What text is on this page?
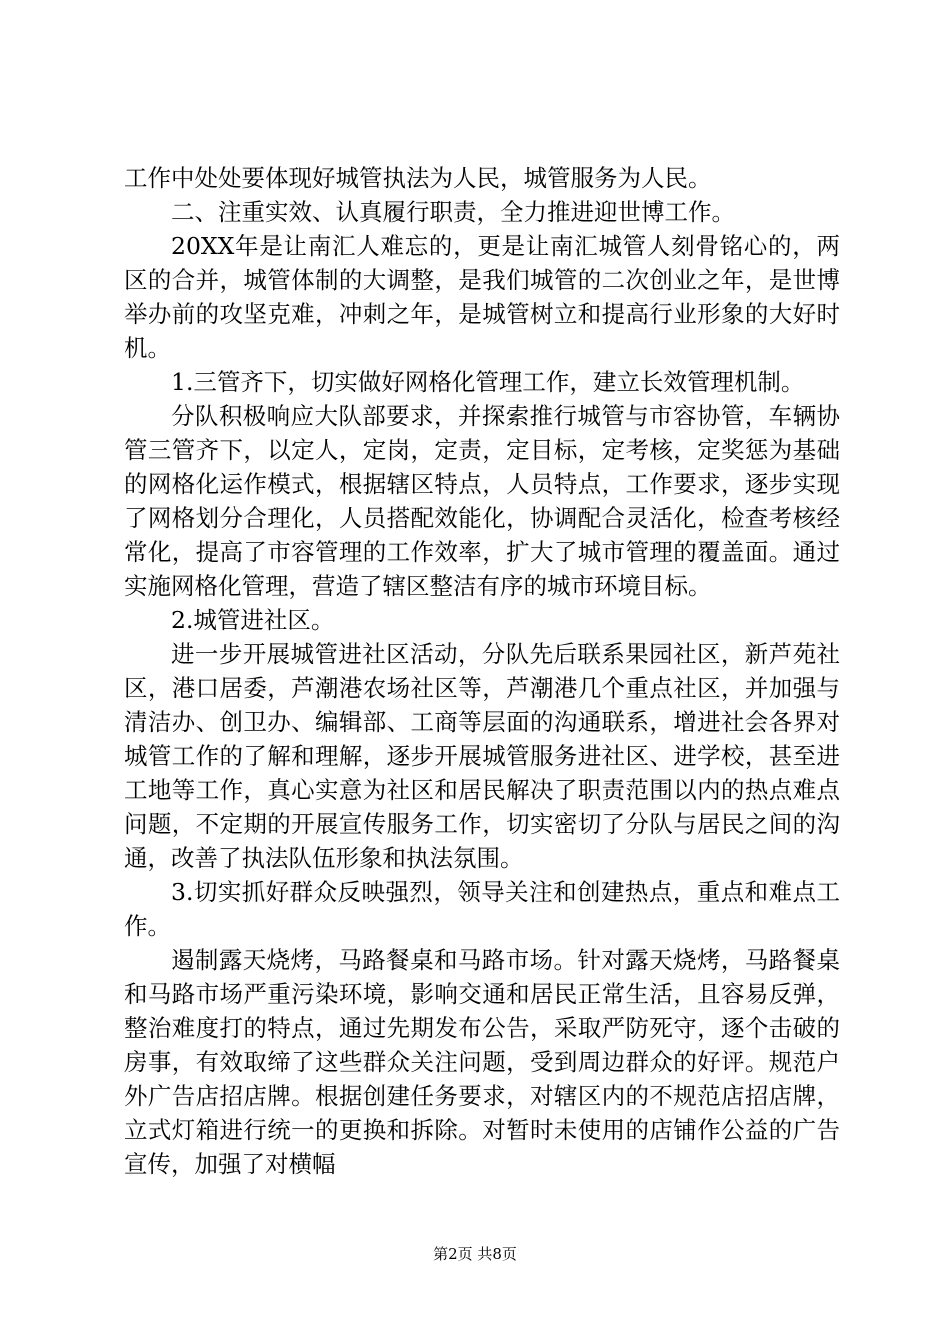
工作中处处要体现好城管执法为人民，城管服务为人民。

二、注重实效、认真履行职责，全力推进迎世博工作。

20XX年是让南汇人难忘的，更是让南汇城管人刻骨铭心的，两区的合并，城管体制的大调整，是我们城管的二次创业之年，是世博举办前的攻坚克难，冲刺之年，是城管树立和提高行业形象的大好时机。

1.三管齐下，切实做好网格化管理工作，建立长效管理机制。

分队积极响应大队部要求，并探索推行城管与市容协管，车辆协管三管齐下，以定人，定岗，定责，定目标，定考核，定奖惩为基础的网格化运作模式，根据辖区特点，人员特点，工作要求，逐步实现了网格划分合理化，人员搭配效能化，协调配合灵活化，检查考核经常化，提高了市容管理的工作效率，扩大了城市管理的覆盖面。通过实施网格化管理，营造了辖区整洁有序的城市环境目标。

2.城管进社区。

进一步开展城管进社区活动，分队先后联系果园社区，新芦苑社区，港口居委，芦潮港农场社区等，芦潮港几个重点社区，并加强与清洁办、创卫办、编辑部、工商等层面的沟通联系，增进社会各界对城管工作的了解和理解，逐步开展城管服务进社区、进学校，甚至进工地等工作，真心实意为社区和居民解决了职责范围以内的热点难点问题，不定期的开展宣传服务工作，切实密切了分队与居民之间的沟通，改善了执法队伍形象和执法氛围。

3.切实抓好群众反映强烈，领导关注和创建热点，重点和难点工作。

遏制露天烧烤，马路餐桌和马路市场。针对露天烧烤，马路餐桌和马路市场严重污染环境，影响交通和居民正常生活，且容易反弹，整治难度打的特点，通过先期发布公告，采取严防死守，逐个击破的房事，有效取缔了这些群众关注问题，受到周边群众的好评。规范户外广告店招店牌。根据创建任务要求，对辖区内的不规范店招店牌，立式灯箱进行统一的更换和拆除。对暂时未使用的店铺作公益的广告宣传，加强了对横幅

第2页 共8页
